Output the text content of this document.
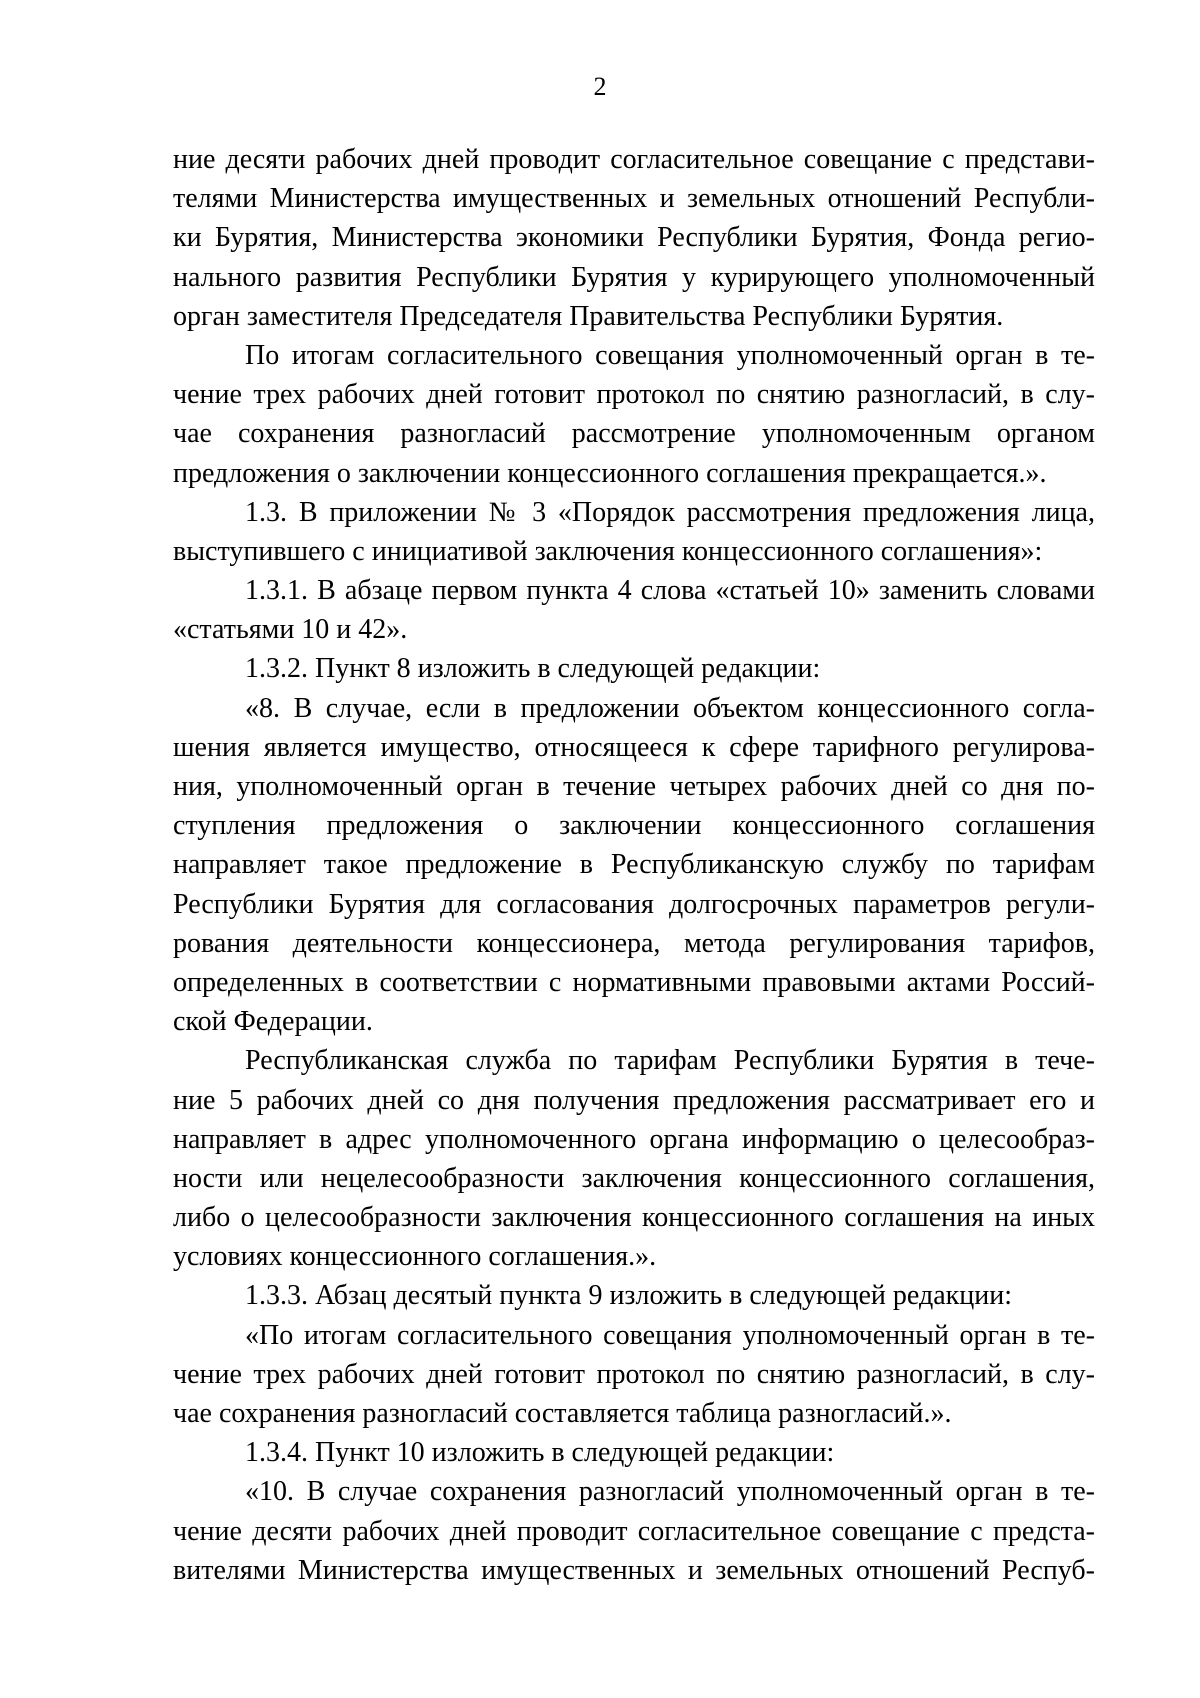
2
ние десяти рабочих дней проводит согласительное совещание с представи-
телями Министерства имущественных и земельных отношений Республи-
ки Бурятия, Министерства экономики Республики Бурятия, Фонда регио-
нального развития Республики Бурятия у курирующего уполномоченный
орган заместителя Председателя Правительства Республики Бурятия.
По итогам согласительного совещания уполномоченный орган в те-
чение трех рабочих дней готовит протокол по снятию разногласий, в слу-
чае сохранения разногласий рассмотрение уполномоченным органом
предложения о заключении концессионного соглашения прекращается.».
1.3. В приложении № 3 «Порядок рассмотрения предложения лица,
выступившего с инициативой заключения концессионного соглашения»:
1.3.1. В абзаце первом пункта 4 слова «статьей 10» заменить словами
«статьями 10 и 42».
1.3.2. Пункт 8 изложить в следующей редакции:
«8. В случае, если в предложении объектом концессионного согла-
шения является имущество, относящееся к сфере тарифного регулирова-
ния, уполномоченный орган в течение четырех рабочих дней со дня по-
ступления предложения о заключении концессионного соглашения
направляет такое предложение в Республиканскую службу по тарифам
Республики Бурятия для согласования долгосрочных параметров регули-
рования деятельности концессионера, метода регулирования тарифов,
определенных в соответствии с нормативными правовыми актами Россий-
ской Федерации.
Республиканская служба по тарифам Республики Бурятия в тече-
ние 5 рабочих дней со дня получения предложения рассматривает его и
направляет в адрес уполномоченного органа информацию о целесообраз-
ности или нецелесообразности заключения концессионного соглашения,
либо о целесообразности заключения концессионного соглашения на иных
условиях концессионного соглашения.».
1.3.3. Абзац десятый пункта 9 изложить в следующей редакции:
«По итогам согласительного совещания уполномоченный орган в те-
чение трех рабочих дней готовит протокол по снятию разногласий, в слу-
чае сохранения разногласий составляется таблица разногласий.».
1.3.4. Пункт 10 изложить в следующей редакции:
«10. В случае сохранения разногласий уполномоченный орган в те-
чение десяти рабочих дней проводит согласительное совещание с предста-
вителями Министерства имущественных и земельных отношений Респуб-
